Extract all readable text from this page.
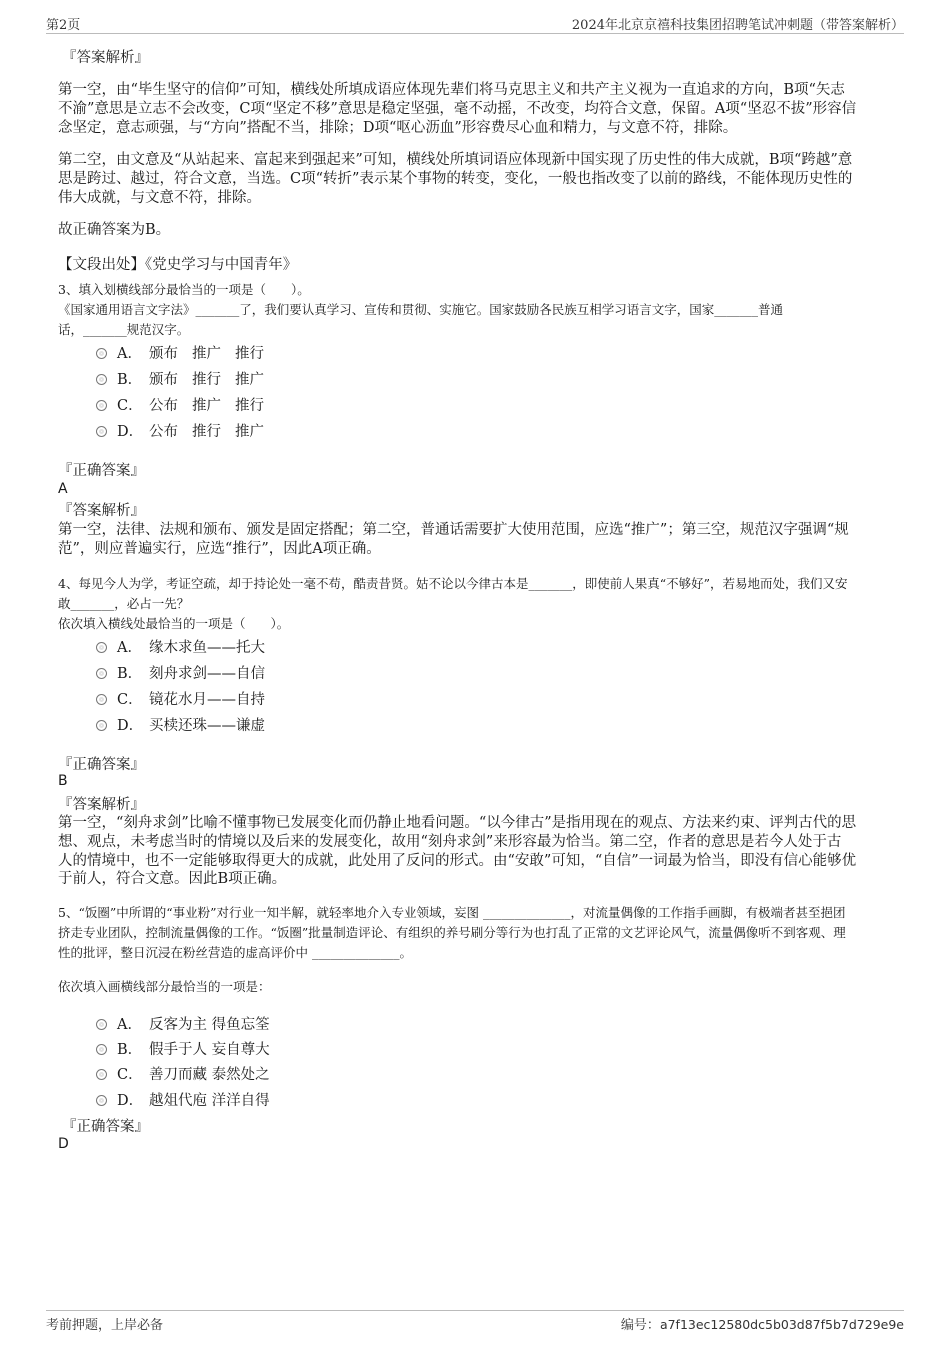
第2页	2024年北京京禧科技集团招聘笔试冲刺题（带答案解析）
『答案解析』
第一空，由“毕生坚守的信仰”可知，横线处所填成语应体现先辈们将马克思主义和共产主义视为一直追求的方向，B项“矢志
不渝”意思是立志不会改变，C项“坚定不移”意思是稳定坚强，毫不动摇，不改变，均符合文意，保留。A项“坚忍不拔”形容信
念坚定，意志顽强，与“方向”搭配不当，排除；D项“呕心沥血”形容费尽心血和精力，与文意不符，排除。
第二空，由文意及“从站起来、富起来到强起来”可知，横线处所填词语应体现新中国实现了历史性的伟大成就，B项“跨越”意
思是跨过、越过，符合文意，当选。C项“转折”表示某个事物的转变，变化，一般也指改变了以前的路线，不能体现历史性的
伟大成就，与文意不符，排除。
故正确答案为B。
【文段出处】《党史学习与中国青年》
3、填入划横线部分最恰当的一项是（　　）。
《国家通用语言文字法》_______了，我们要认真学习、宣传和贯彻、实施它。国家鼓励各民族互相学习语言文字，国家_______普通
话，_______规范汉字。
A． 颁布 推广 推行
B． 颁布 推行 推广
C． 公布 推广 推行
D． 公布 推行 推广
『正确答案』
A
『答案解析』
第一空，法律、法规和颁布、颁发是固定搭配；第二空，普通话需要扩大使用范围，应选“推广”；第三空，规范汉字强调“规
范”，则应普遍实行，应选“推行”，因此A项正确。
4、每见今人为学，考证空疏，却于持论处一毫不苟，酷责昔贤。姑不论以今律古本是_______，即使前人果真“不够好”，若易地而处，我们又安
敢_______，必占一先？
依次填入横线处最恰当的一项是（　　）。
A． 缘木求鱼——托大
B． 刻舟求剑——自信
C． 镜花水月——自持
D． 买椟还珠——谦虚
『正确答案』
B
『答案解析』
第一空，“刻舟求剑”比喻不懂事物已发展变化而仍静止地看问题。“以今律古”是指用现在的观点、方法来约束、评判古代的思
想、观点，未考虑当时的情境以及后来的发展变化，故用“刻舟求剑”来形容最为恰当。第二空，作者的意思是若今人处于古
人的情境中，也不一定能够取得更大的成就，此处用了反问的形式。由“安敢”可知，“自信”一词最为恰当，即没有信心能够优
于前人，符合文意。因此B项正确。
5、“饭圈”中所谓的“事业粉”对行业一知半解，就轻率地介入专业领域，妄图 ______________，对流量偶像的工作指手画脚，有极端者甚至挹团
挤走专业团队，控制流量偶像的工作。“饭圈”批量制造评论、有组织的养号刷分等行为也打乱了正常的文艺评论风气，流量偶像听不到客观、理
性的批评，整日沉浸在粉丝营造的虚高评价中 ______________。
依次填入画横线部分最恰当的一项是：
A． 反客为主 得鱼忘筌
B． 假手于人 妄自尊大
C． 善刀而藏 泰然处之
D． 越俎代庖 洋洋自得
『正确答案』
D
考前押题，上岸必备	编号：a7f13ec12580dc5b03d87f5b7d729e9e
